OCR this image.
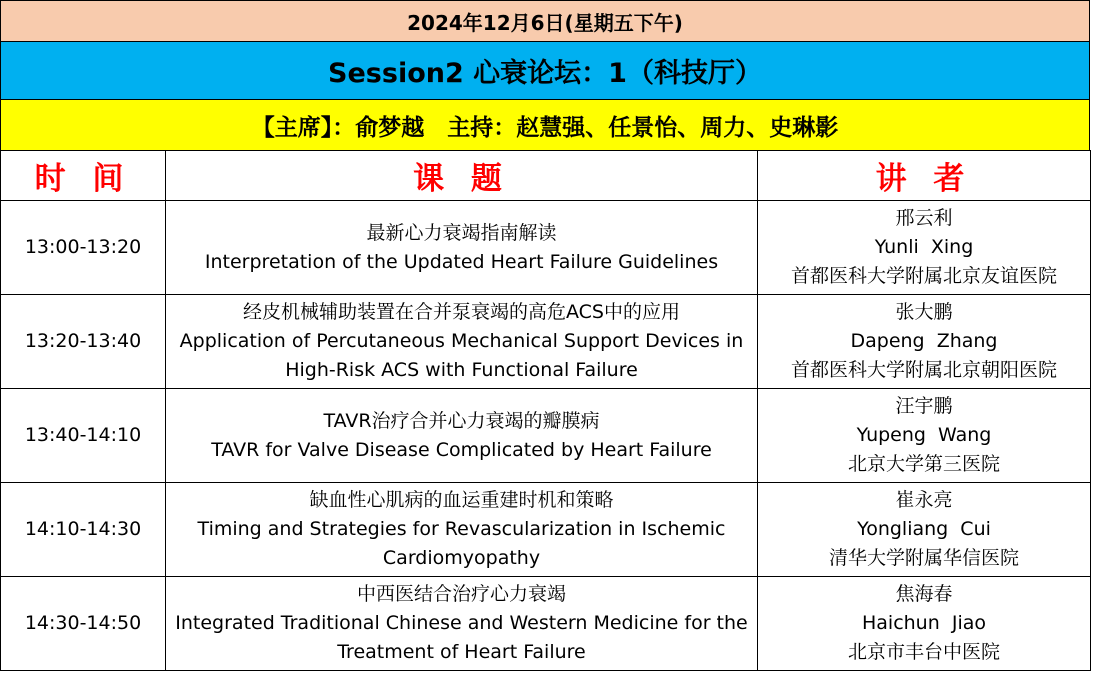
2024年12月6日(星期五下午)
Session2 心衰论坛：1（科技厅）
【主席】：俞梦越　主持：赵慧强、任景怡、周力、史琳影
时 间	课 题	讲 者
13:00-13:20	最新心力衰竭指南解读
Interpretation of the Updated Heart Failure Guidelines	邢云利
Yunli  Xing
首都医科大学附属北京友谊医院

13:20-13:40	经皮机械辅助装置在合并泵衰竭的高危ACS中的应用
Application of Percutaneous Mechanical Support Devices in High-Risk ACS with Functional Failure	张大鹏
Dapeng  Zhang
首都医科大学附属北京朝阳医院

13:40-14:10	TAVR治疗合并心力衰竭的瓣膜病
TAVR for Valve Disease Complicated by Heart Failure	汪宇鹏
Yupeng  Wang
北京大学第三医院

14:10-14:30	缺血性心肌病的血运重建时机和策略
Timing and Strategies for Revascularization in Ischemic Cardiomyopathy	崔永亮
Yongliang  Cui
清华大学附属华信医院

14:30-14:50	中西医结合治疗心力衰竭
Integrated Traditional Chinese and Western Medicine for the Treatment of Heart Failure	焦海春
Haichun  Jiao
北京市丰台中医院
